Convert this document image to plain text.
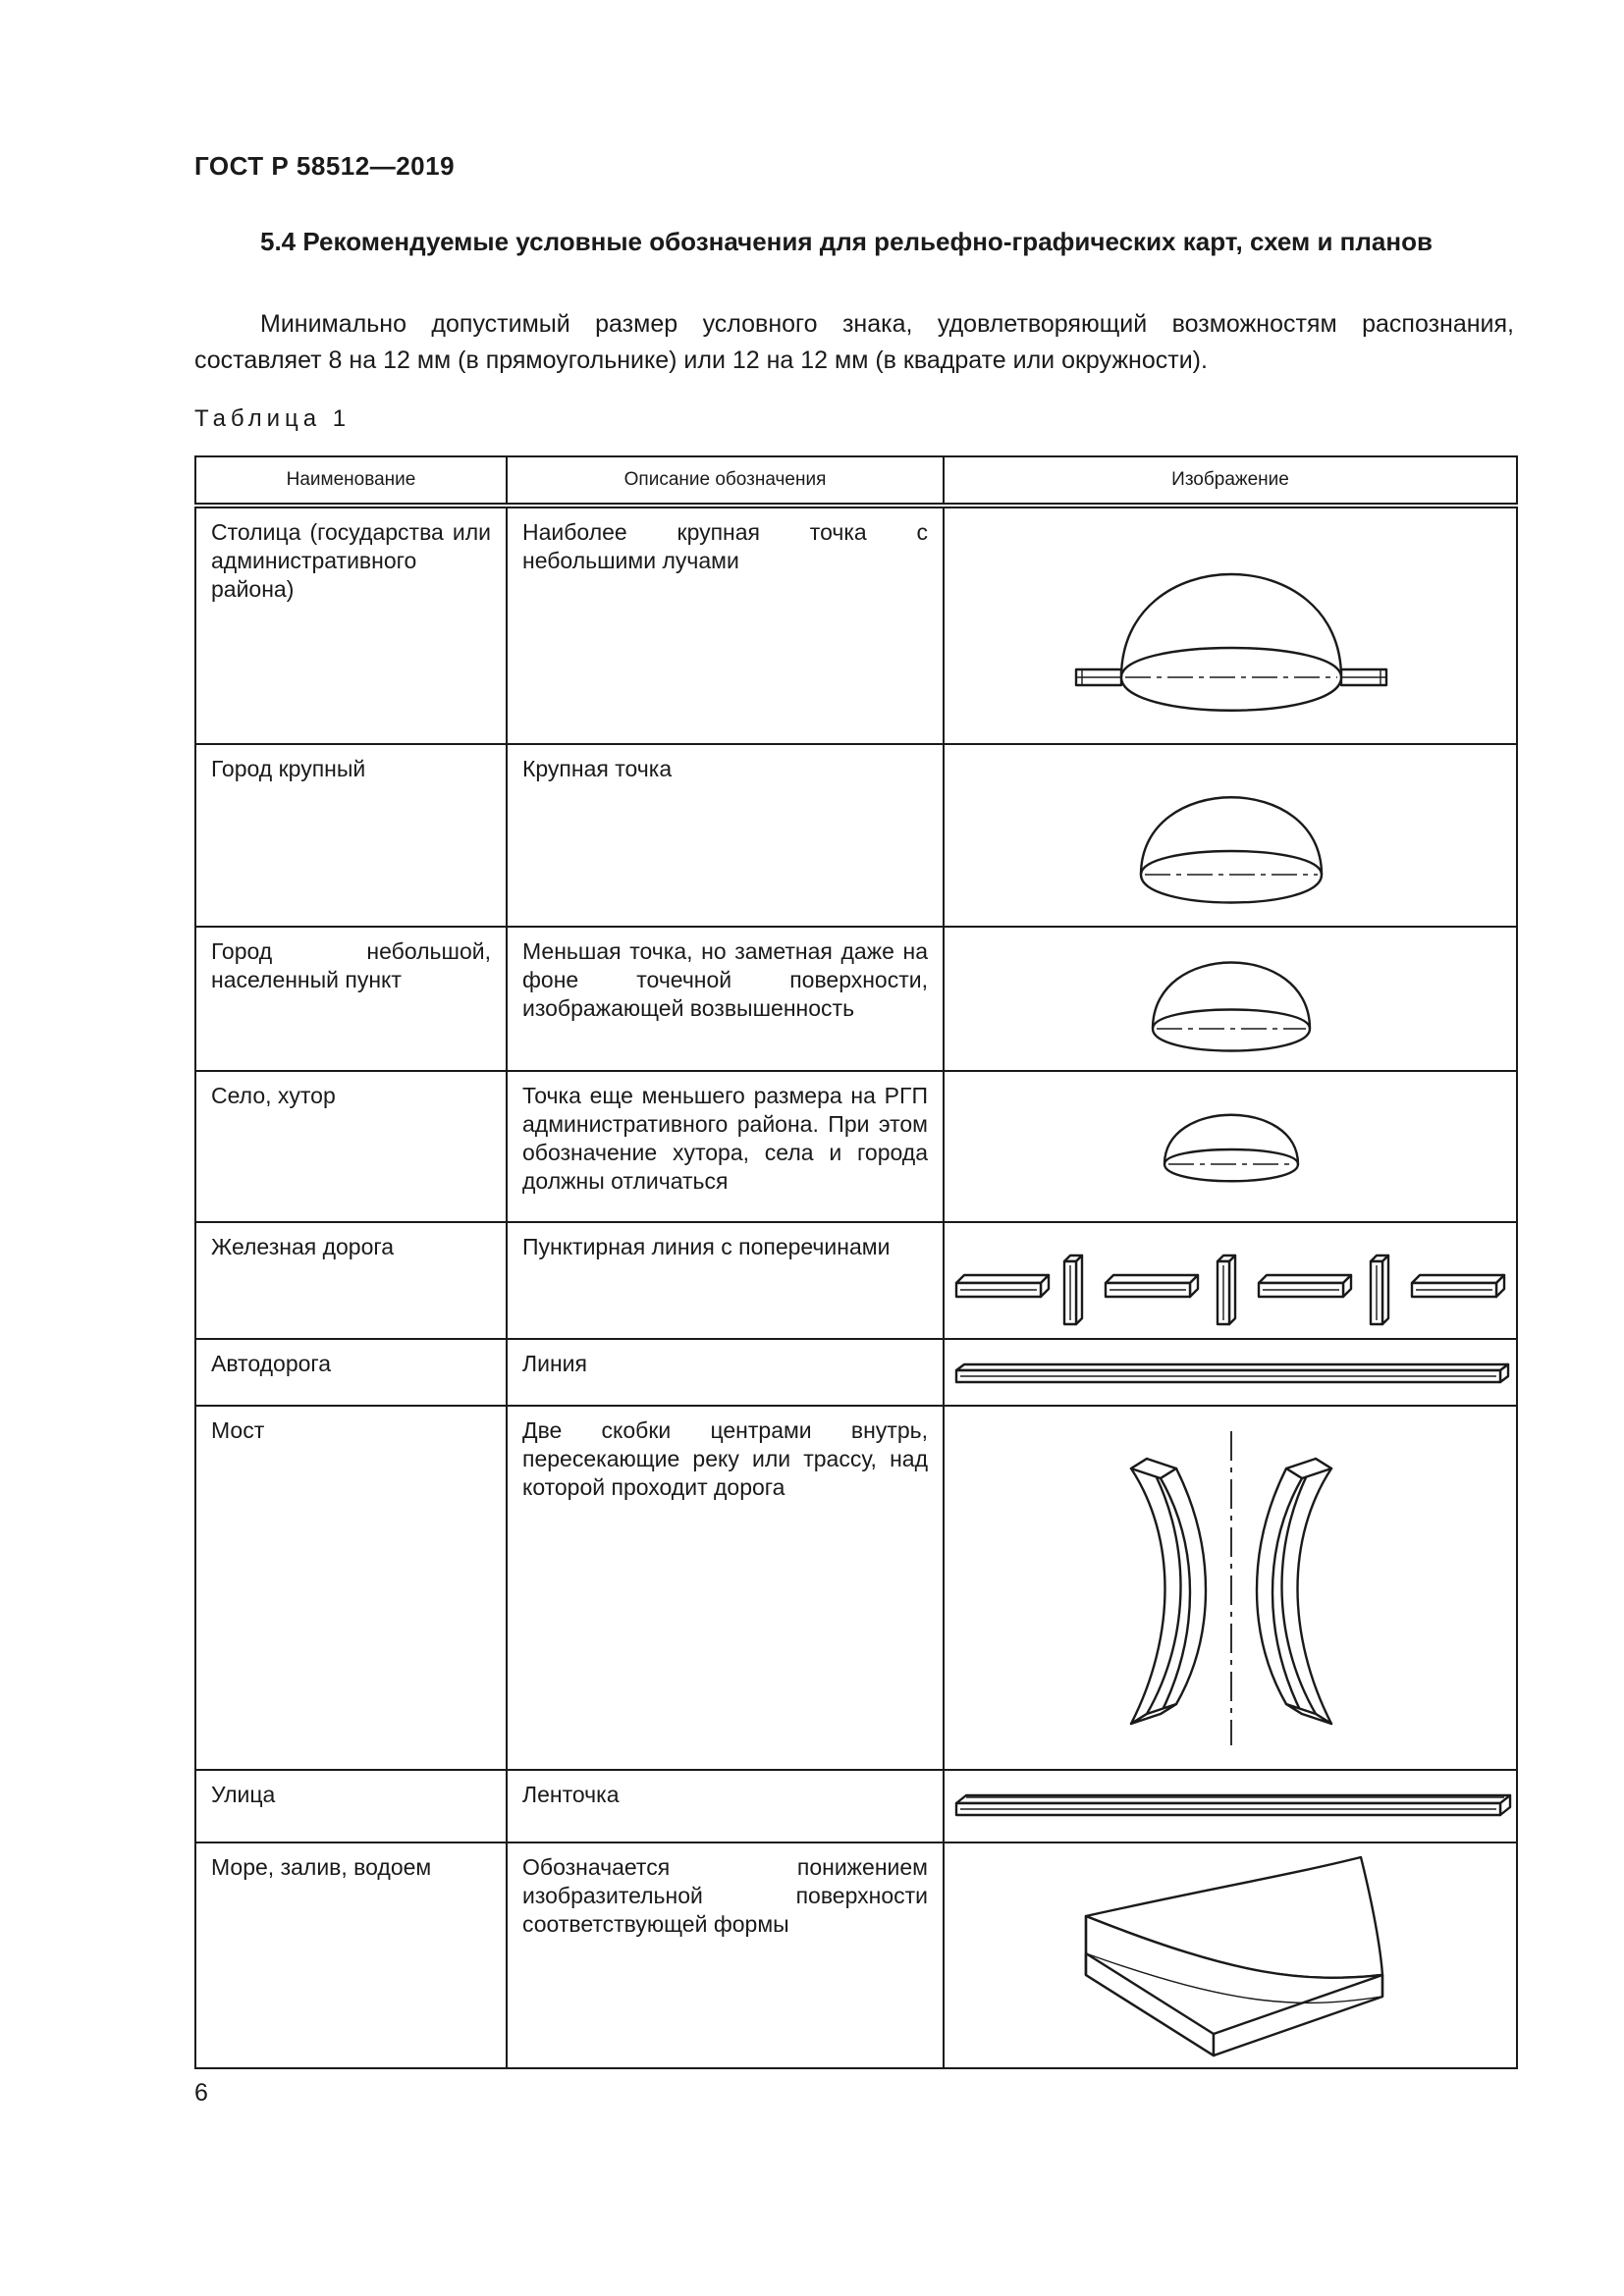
ГОСТ Р 58512—2019
5.4 Рекомендуемые условные обозначения для рельефно-графических карт, схем и планов
Минимально допустимый размер условного знака, удовлетворяющий возможностям распознания, составляет 8 на 12 мм (в прямоугольнике) или 12 на 12 мм (в квадрате или окружности).
Таблица 1
Наименование	Описание обозначения	Изображение
Столица (государства или административного района)	Наиболее крупная точка с небольшими лучами	

Город крупный	Крупная точка	

Город небольшой, населенный пункт	Меньшая точка, но заметная даже на фоне точечной поверхности, изображающей возвышенность	

Село, хутор	Точка еще меньшего размера на РГП административного района. При этом обозначение хутора, села и города должны отличаться	

Железная дорога	Пунктирная линия с поперечинами	

Автодорога	Линия	

Мост	Две скобки центрами внутрь, пересекающие реку или трассу, над которой проходит дорога	

Улица	Ленточка	

Море, залив, водоем	Обозначается понижением изобразительной поверхности соответствующей формы	
6
